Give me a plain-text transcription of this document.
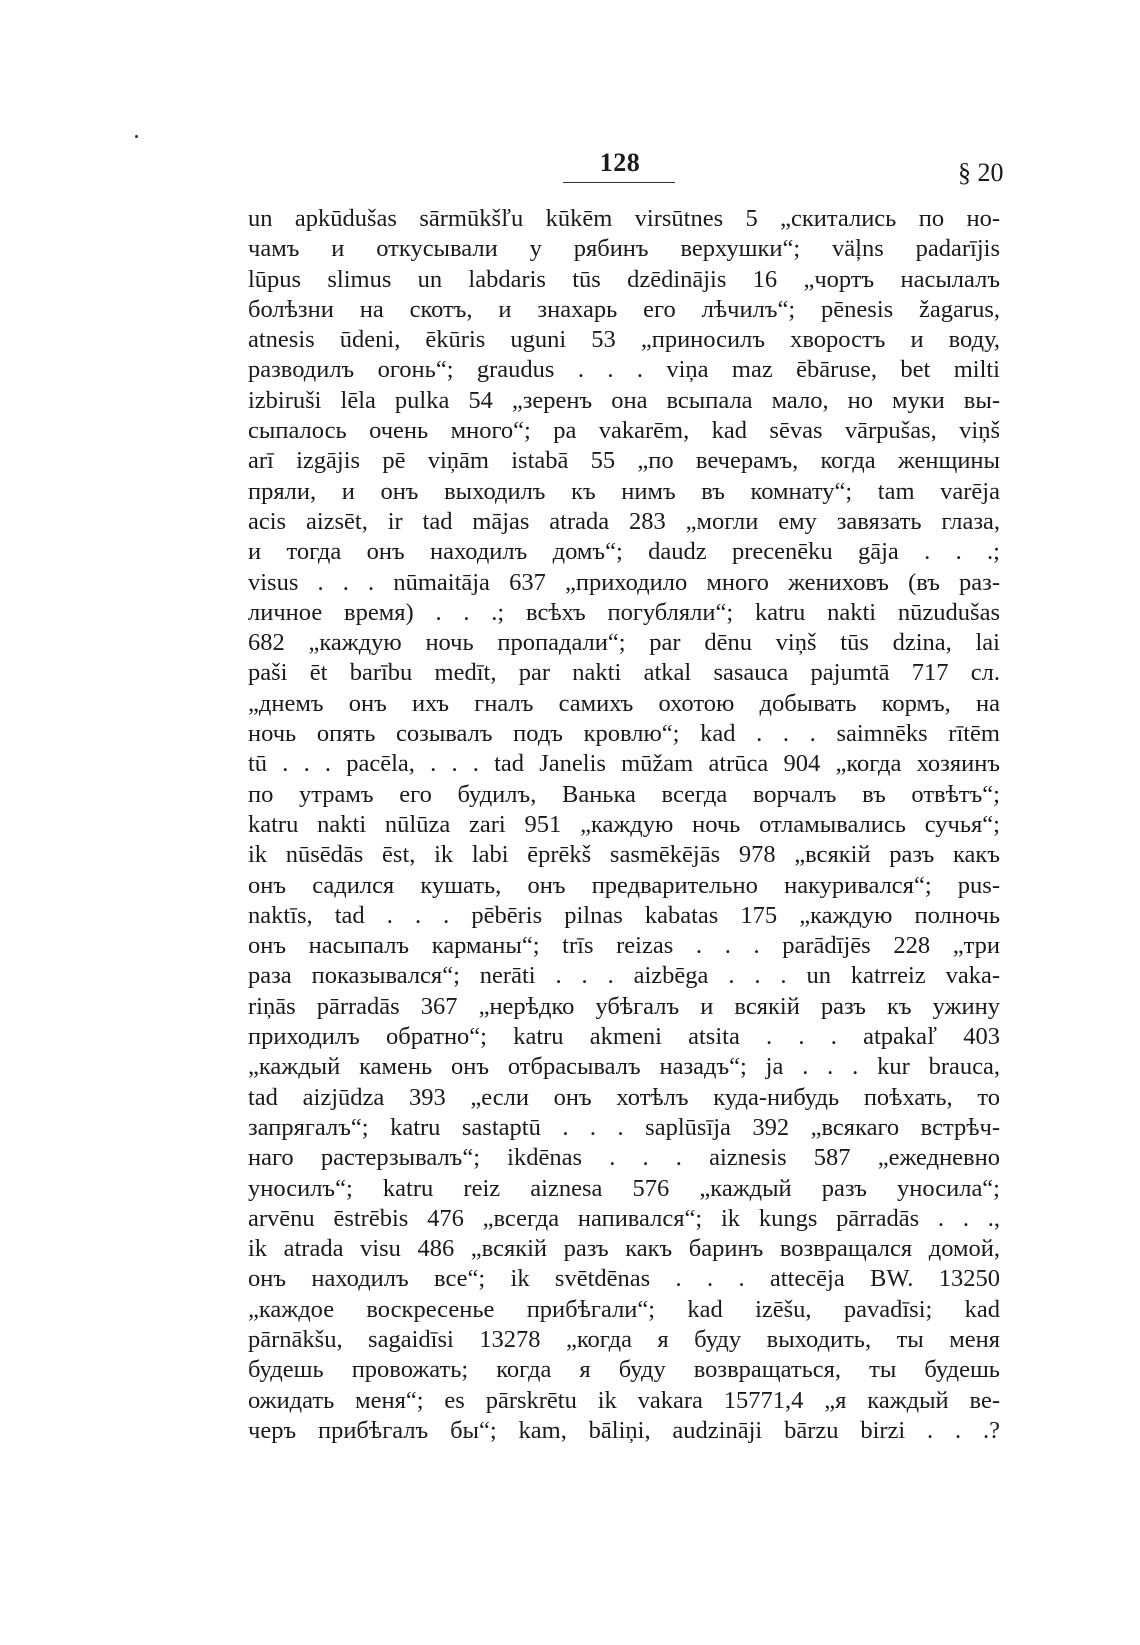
128	§ 20
un apkūdušas sārmūkšľu kūkēm virsūtnes 5 „скитались по но-
чамъ и откусывали у рябинъ верхушки“; väļns padarījis
lūpus slimus un labdaris tūs dzēdinājis 16 „чортъ насылалъ
болѣзни на скотъ, и знахарь его лѣчилъ“; pēnesis žagarus,
atnesis ūdeni, ēkūris uguni 53 „приносилъ хворостъ и воду,
разводилъ огонь“; graudus . . . viņa maz ēbāruse, bet milti
izbiruši lēla pulka 54 „зеренъ она всыпала мало, но муки вы-
сыпалось очень много“; pa vakarēm, kad sēvas vārpušas, viņš
arī izgājis pē viņām istabā 55 „по вечерамъ, когда женщины
пряли, и онъ выходилъ къ нимъ въ комнату“; tam varēja
acis aizsēt, ir tad mājas atrada 283 „могли ему завязать глаза,
и тогда онъ находилъ домъ“; daudz precenēku gāja . . .;
visus . . . nūmaitāja 637 „приходило много жениховъ (въ раз-
личное время) . . .; всѣхъ погубляли“; katru nakti nūzudušas
682 „каждую ночь пропадали“; par dēnu viņš tūs dzina, lai
paši ēt barību medīt, par nakti atkal sasauca pajumtā 717 сл.
„днемъ онъ ихъ гналъ самихъ охотою добывать кормъ, на
ночь опять созывалъ подъ кровлю“; kad . . . saimnēks rītēm
tū . . . pacēla, . . . tad Janelis mūžam atrūca 904 „когда хозяинъ
по утрамъ его будилъ, Ванька всегда ворчалъ въ отвѣтъ“;
katru nakti nūlūza zari 951 „каждую ночь отламывались сучья“;
ik nūsēdās ēst, ik labi ēprēkš sasmēkējās 978 „всякій разъ какъ
онъ садился кушать, онъ предварительно накуривался“; pus-
naktīs, tad . . . pēbēris pilnas kabatas 175 „каждую полночь
онъ насыпалъ карманы“; trīs reizas . . . parādījēs 228 „три
раза показывался“; nerāti . . . aizbēga . . . un katrreiz vaka-
riņās pārradās 367 „нерѣдко убѣгалъ и всякій разъ къ ужину
приходилъ обратно“; katru akmeni atsita . . . atpakaľ 403
„каждый камень онъ отбрасывалъ назадъ“; ja . . . kur brauca,
tad aizjūdza 393 „если онъ хотѣлъ куда-нибудь поѣхать, то
запрягалъ“; katru sastaptū . . . saplūsīja 392 „всякаго встрѣч-
наго растерзывалъ“; ikdēnas . . . aiznesis 587 „ежедневно
уносилъ“; katru reiz aiznesa 576 „каждый разъ уносила“;
arvēnu ēstrēbis 476 „всегда напивался“; ik kungs pārradās . . .,
ik atrada visu 486 „всякій разъ какъ баринъ возвращался домой,
онъ находилъ все“; ik svētdēnas . . . attecēja BW. 13250
„каждое воскресенье прибѣгали“; kad izēšu, pavadīsi; kad
pārnākšu, sagaidīsi 13278 „когда я буду выходить, ты меня
будешь провожать; когда я буду возвращаться, ты будешь
ожидать меня“; es pārskrētu ik vakara 15771,4 „я каждый ве-
черъ прибѣгалъ бы“; kam, bāliņi, audzināji bārzu birzi . . .?
